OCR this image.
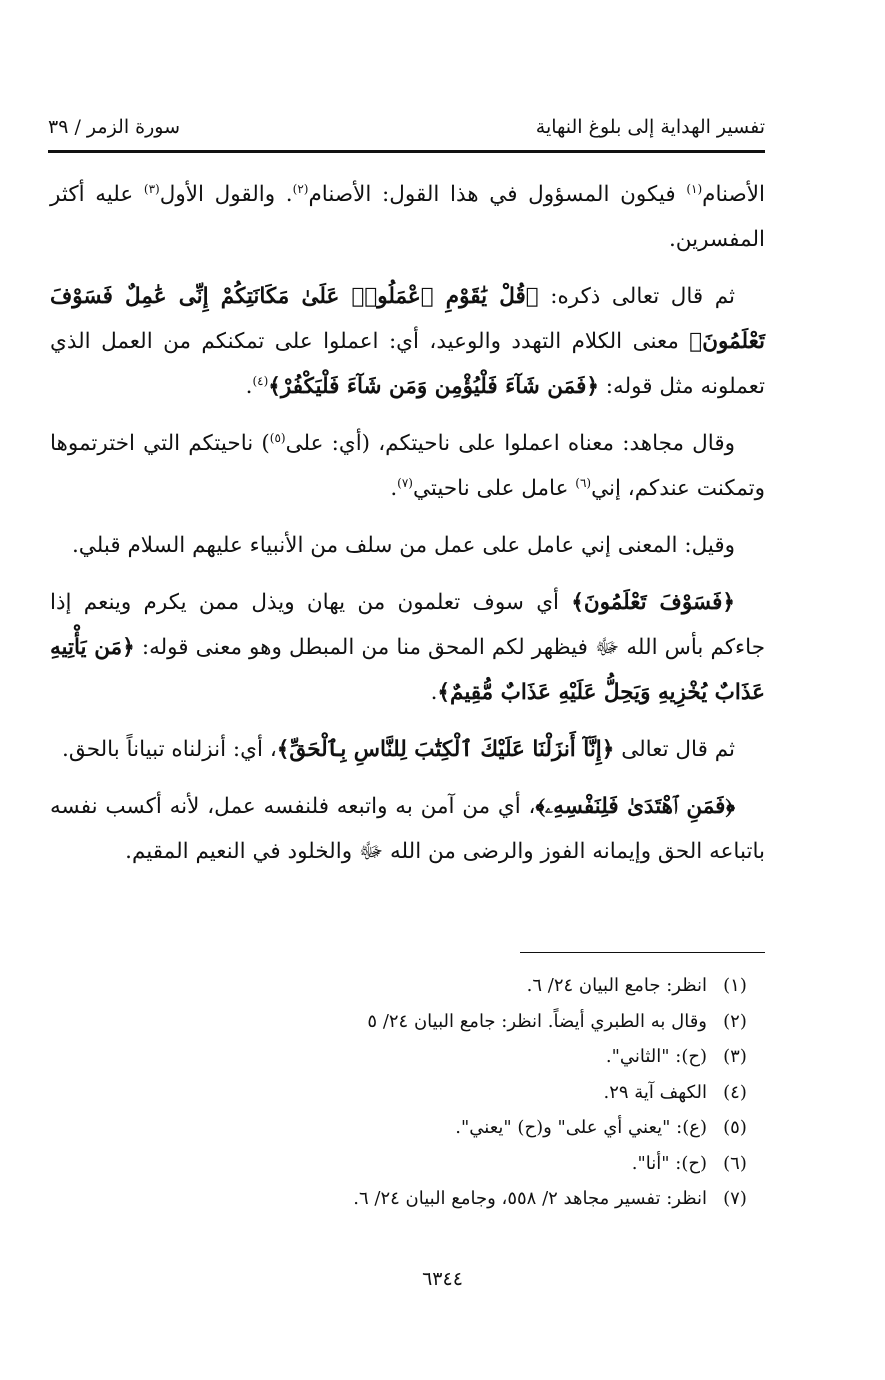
تفسير الهداية إلى بلوغ النهاية
سورة الزمر / ٣٩

الأصنام$^{(١)}$ فيكون المسؤول في هذا القول: الأصنام$^{(٢)}$. والقول الأول$^{(٣)}$ عليه أكثر المفسرين.

ثم قال تعالى ذكره: ﴿قُلْ يَٰقَوْمِ ٱعْمَلُوا۟ عَلَىٰ مَكَانَتِكُمْ إِنِّى عَٰمِلٌ فَسَوْفَ تَعْلَمُونَ﴾ معنى الكلام التهدد والوعيد، أي: اعملوا على تمكنكم من العمل الذي تعملونه مثل قوله: ﴿فَمَن شَآءَ فَلْيُؤْمِن وَمَن شَآءَ فَلْيَكْفُرْ﴾$^{(٤)}$.

وقال مجاهد: معناه اعملوا على ناحيتكم، (أي: على$^{(٥)}$) ناحيتكم التي اخترتموها وتمكنت عندكم، إني$^{(٦)}$ عامل على ناحيتي$^{(٧)}$.

وقيل: المعنى إني عامل على عمل من سلف من الأنبياء عليهم السلام قبلي.

﴿فَسَوْفَ تَعْلَمُونَ﴾ أي سوف تعلمون من يهان ويذل ممن يكرم وينعم إذا جاءكم بأس الله ﷻ فيظهر لكم المحق منا من المبطل وهو معنى قوله: ﴿مَن يَأْتِيهِ عَذَابٌ يُخْزِيهِ وَيَحِلُّ عَلَيْهِ عَذَابٌ مُّقِيمٌ﴾.

ثم قال تعالى ﴿إِنَّآ أَنزَلْنَا عَلَيْكَ ٱلْكِتَٰبَ لِلنَّاسِ بِٱلْحَقِّ﴾، أي: أنزلناه تبياناً بالحق.

﴿فَمَنِ ٱهْتَدَىٰ فَلِنَفْسِهِۦ﴾، أي من آمن به واتبعه فلنفسه عمل، لأنه أكسب نفسه باتباعه الحق وإيمانه الفوز والرضى من الله ﷻ والخلود في النعيم المقيم.

(١)
انظر: جامع البيان ٢٤/ ٦.
(٢)
وقال به الطبري أيضاً. انظر: جامع البيان ٢٤/ ٥
(٣)
(ح): "الثاني".
(٤)
الكهف آية ٢٩.
(٥)
(ع): "يعني أي على" و(ح) "يعني".
(٦)
(ح): "أنا".
(٧)
انظر: تفسير مجاهد ٢/ ٥٥٨، وجامع البيان ٢٤/ ٦.
٦٣٤٤
